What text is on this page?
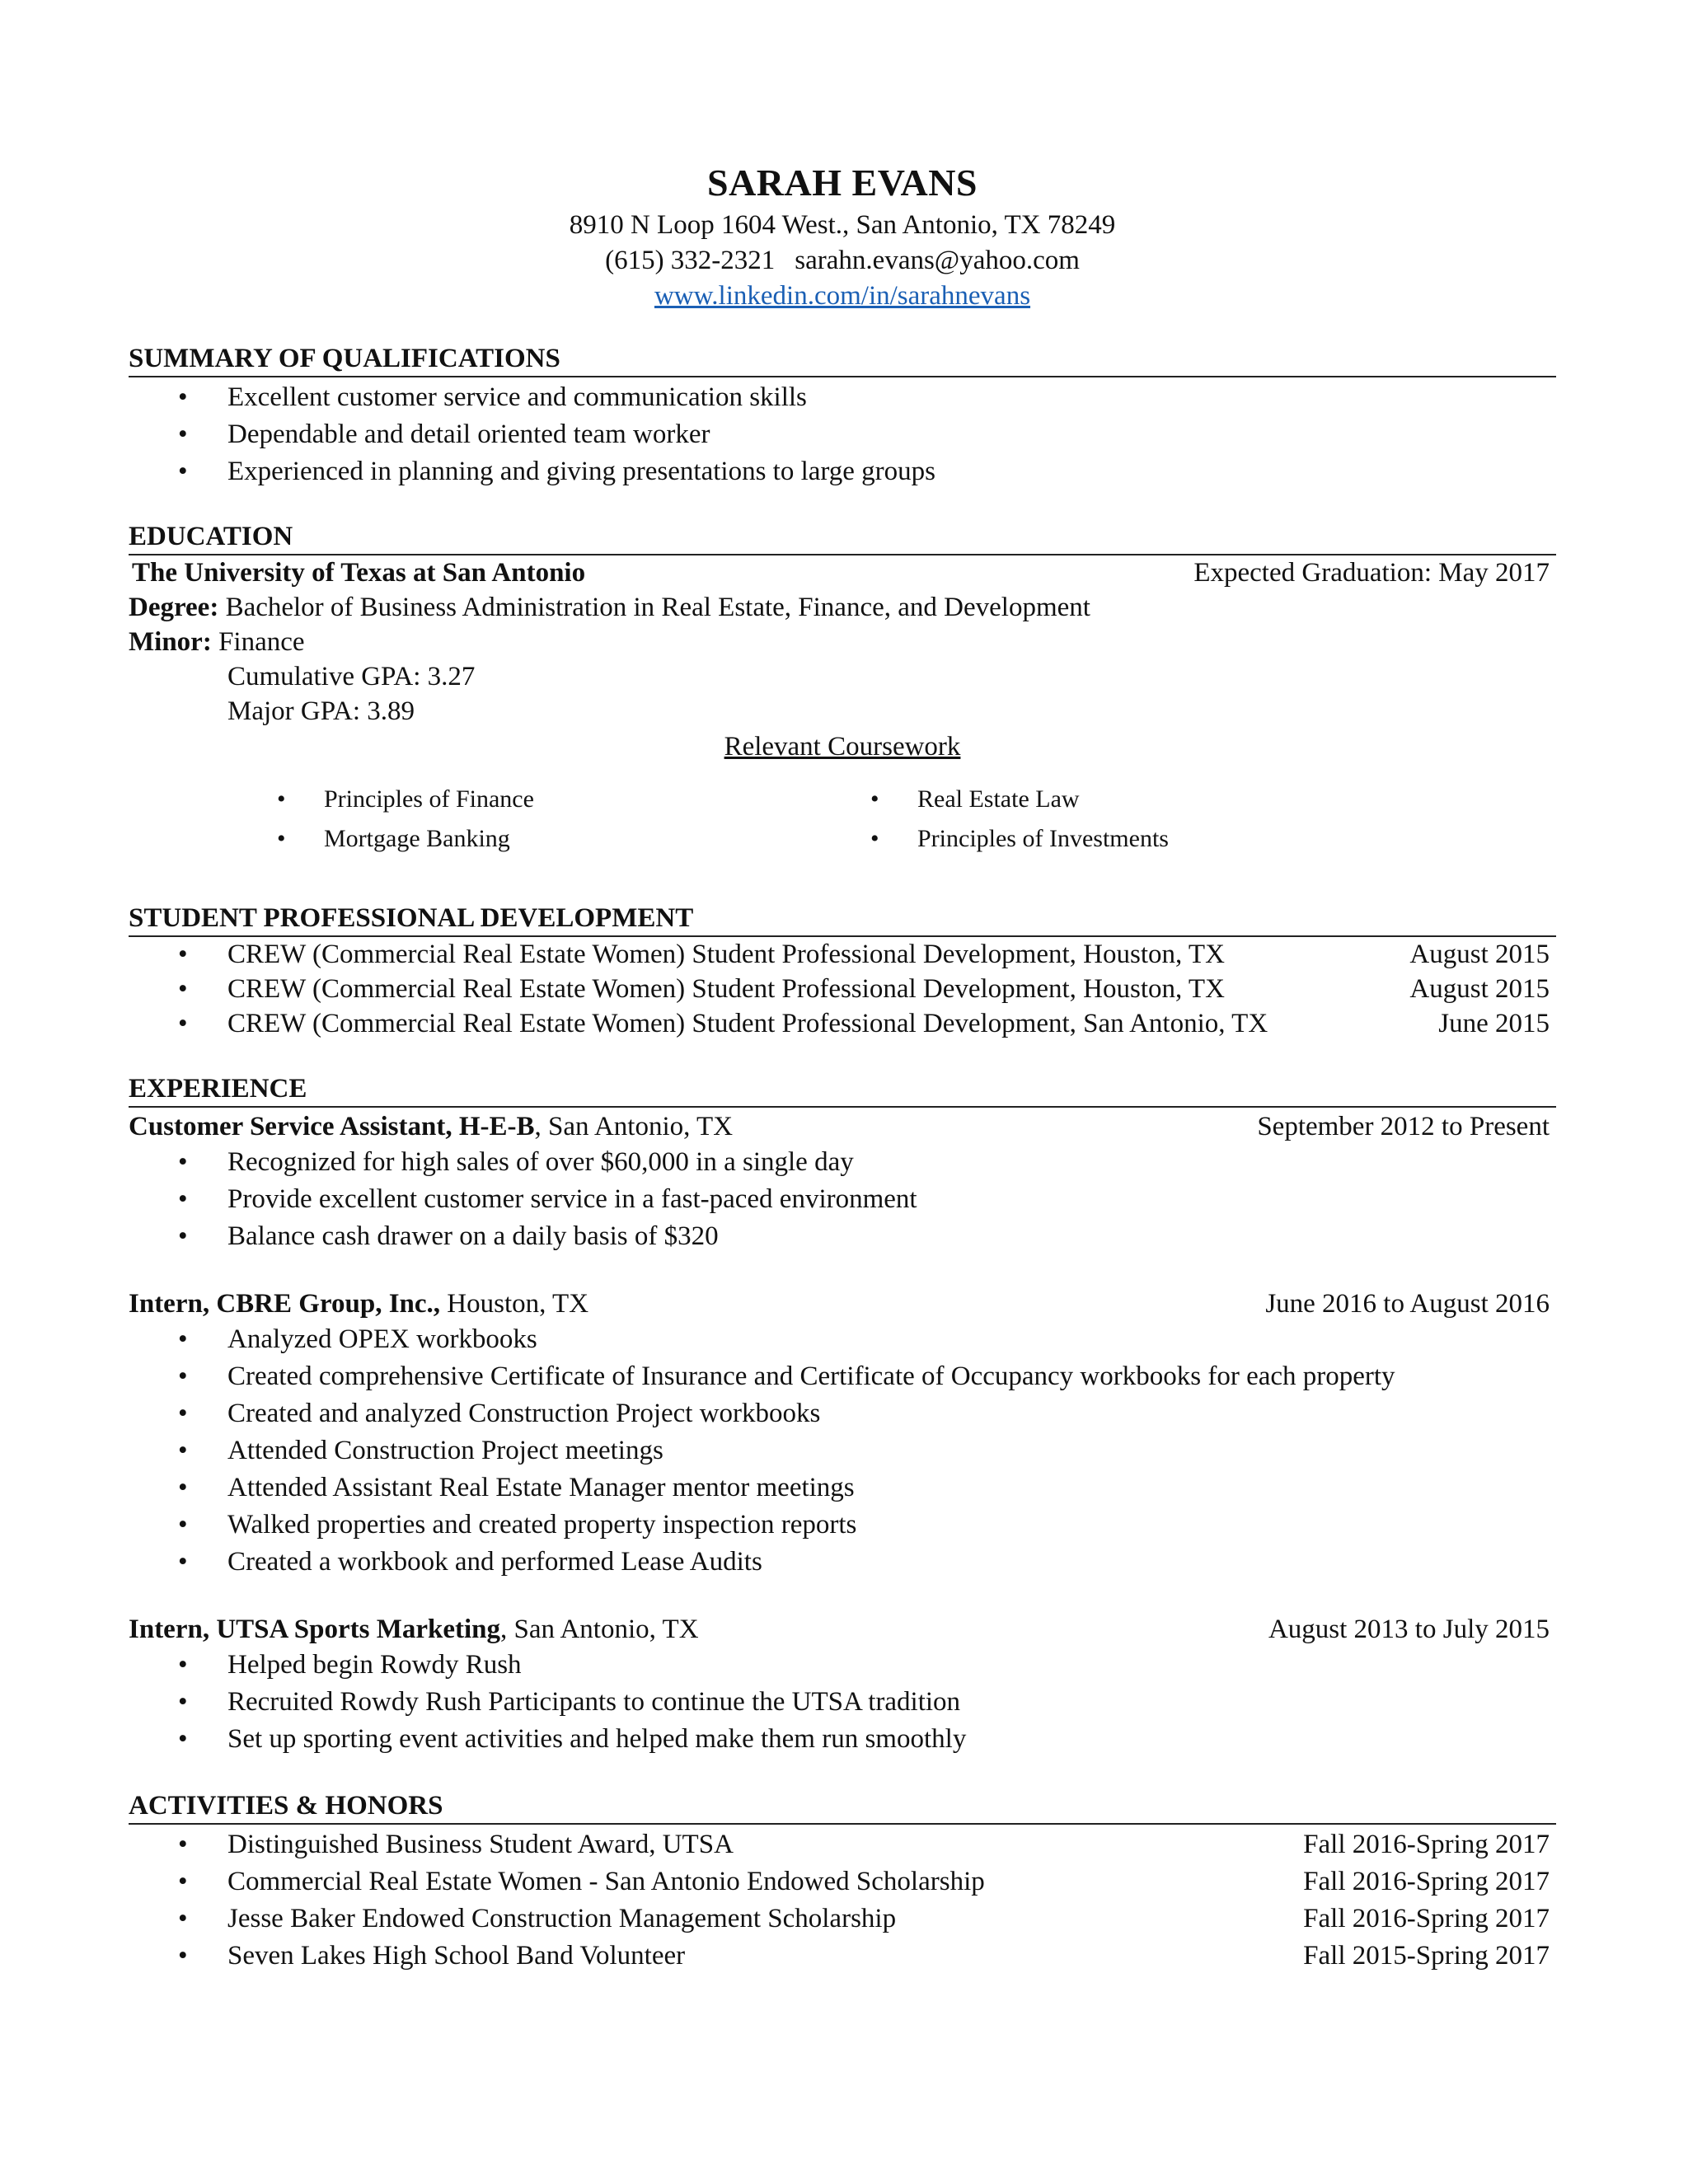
SARAH EVANS

8910 N Loop 1604 West., San Antonio, TX 78249

(615) 332-2321 sarahn.evans@yahoo.com

www.linkedin.com/in/sarahnevans

SUMMARY OF QUALIFICATIONS

• Excellent customer service and communication skills
• Dependable and detail oriented team worker
• Experienced in planning and giving presentations to large groups

EDUCATION

The University of Texas at San Antonio	Expected Graduation: May 2017

Degree: Bachelor of Business Administration in Real Estate, Finance, and Development

Minor: Finance

Cumulative GPA: 3.27

Major GPA: 3.89

Relevant Coursework

• Principles of Finance	• Real Estate Law
• Mortgage Banking	• Principles of Investments

STUDENT PROFESSIONAL DEVELOPMENT

• CREW (Commercial Real Estate Women) Student Professional Development, Houston, TX	August 2015
• CREW (Commercial Real Estate Women) Student Professional Development, Houston, TX	August 2015
• CREW (Commercial Real Estate Women) Student Professional Development, San Antonio, TX	June 2015

EXPERIENCE

Customer Service Assistant, H-E-B, San Antonio, TX	September 2012 to Present
• Recognized for high sales of over $60,000 in a single day
• Provide excellent customer service in a fast-paced environment
• Balance cash drawer on a daily basis of $320
Intern, CBRE Group, Inc., Houston, TX	June 2016 to August 2016
• Analyzed OPEX workbooks
• Created comprehensive Certificate of Insurance and Certificate of Occupancy workbooks for each property
• Created and analyzed Construction Project workbooks
• Attended Construction Project meetings
• Attended Assistant Real Estate Manager mentor meetings
• Walked properties and created property inspection reports
• Created a workbook and performed Lease Audits
Intern, UTSA Sports Marketing, San Antonio, TX	August 2013 to July 2015
• Helped begin Rowdy Rush
• Recruited Rowdy Rush Participants to continue the UTSA tradition
• Set up sporting event activities and helped make them run smoothly

ACTIVITIES & HONORS

• Distinguished Business Student Award, UTSA	Fall 2016-Spring 2017
• Commercial Real Estate Women - San Antonio Endowed Scholarship	Fall 2016-Spring 2017
• Jesse Baker Endowed Construction Management Scholarship	Fall 2016-Spring 2017
• Seven Lakes High School Band Volunteer	Fall 2015-Spring 2017
